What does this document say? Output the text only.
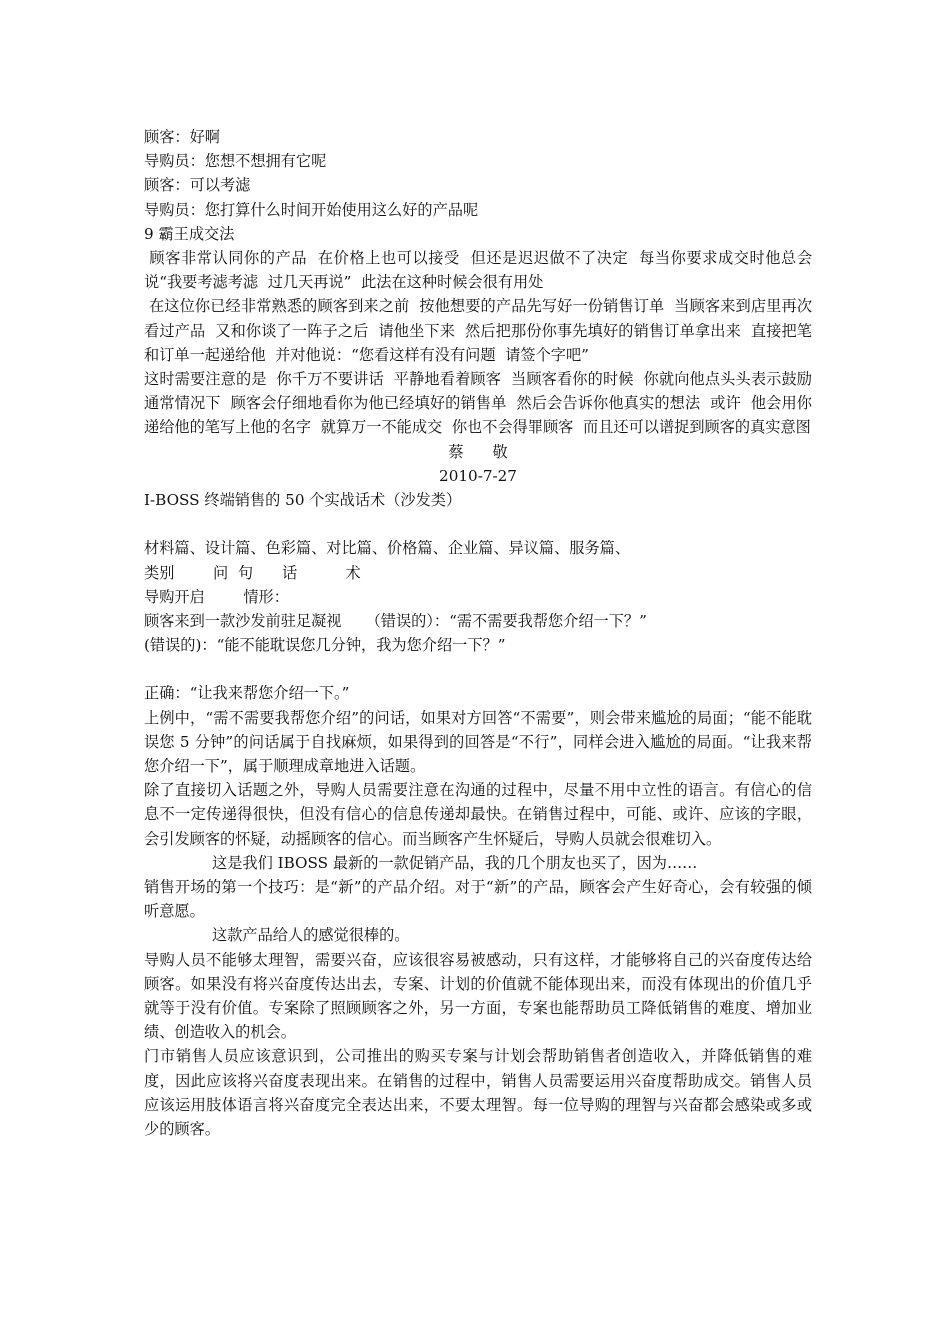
顾客：好啊
导购员：您想不想拥有它呢
顾客：可以考滤
导购员：您打算什么时间开始使用这么好的产品呢
9 霸王成交法
顾客非常认同你的产品  在价格上也可以接受  但还是迟迟做不了决定  每当你要求成交时他总会说“我要考滤考滤  过几天再说”  此法在这种时候会很有用处
在这位你已经非常熟悉的顾客到来之前  按他想要的产品先写好一份销售订单  当顾客来到店里再次看过产品  又和你谈了一阵子之后  请他坐下来  然后把那份你事先填好的销售订单拿出来  直接把笔和订单一起递给他  并对他说：“您看这样有没有问题  请签个字吧”
这时需要注意的是  你千万不要讲话  平静地看着顾客  当顾客看你的时候  你就向他点头头表示鼓励  通常情况下  顾客会仔细地看你为他已经填好的销售单  然后会告诉你他真实的想法  或许  他会用你递给他的笔写上他的名字  就算万一不能成交  你也不会得罪顾客  而且还可以谱捉到顾客的真实意图
蔡      敬
2010-7-27
I-BOSS 终端销售的 50 个实战话术（沙发类）
材料篇、设计篇、色彩篇、对比篇、价格篇、企业篇、异议篇、服务篇、
类别        问  句      话          术
导购开启        情形：
顾客来到一款沙发前驻足凝视     （错误的）：“需不需要我帮您介绍一下？”
(错误的)：“能不能耽误您几分钟，我为您介绍一下？”
正确：“让我来帮您介绍一下。”
上例中，“需不需要我帮您介绍”的问话，如果对方回答“不需要”，则会带来尴尬的局面；“能不能耽误您 5 分钟”的问话属于自找麻烦，如果得到的回答是“不行”，同样会进入尴尬的局面。“让我来帮您介绍一下”，属于顺理成章地进入话题。
除了直接切入话题之外，导购人员需要注意在沟通的过程中，尽量不用中立性的语言。有信心的信息不一定传递得很快，但没有信心的信息传递却最快。在销售过程中，可能、或许、应该的字眼，会引发顾客的怀疑，动摇顾客的信心。而当顾客产生怀疑后，导购人员就会很难切入。
这是我们 IBOSS 最新的一款促销产品，我的几个朋友也买了，因为……
销售开场的第一个技巧：是“新”的产品介绍。对于“新”的产品，顾客会产生好奇心，会有较强的倾听意愿。
这款产品给人的感觉很棒的。
导购人员不能够太理智，需要兴奋，应该很容易被感动，只有这样，才能够将自己的兴奋度传达给顾客。如果没有将兴奋度传达出去，专案、计划的价值就不能体现出来，而没有体现出的价值几乎就等于没有价值。专案除了照顾顾客之外，另一方面，专案也能帮助员工降低销售的难度、增加业绩、创造收入的机会。
门市销售人员应该意识到，公司推出的购买专案与计划会帮助销售者创造收入，并降低销售的难度，因此应该将兴奋度表现出来。在销售的过程中，销售人员需要运用兴奋度帮助成交。销售人员应该运用肢体语言将兴奋度完全表达出来，不要太理智。每一位导购的理智与兴奋都会感染或多或少的顾客。
